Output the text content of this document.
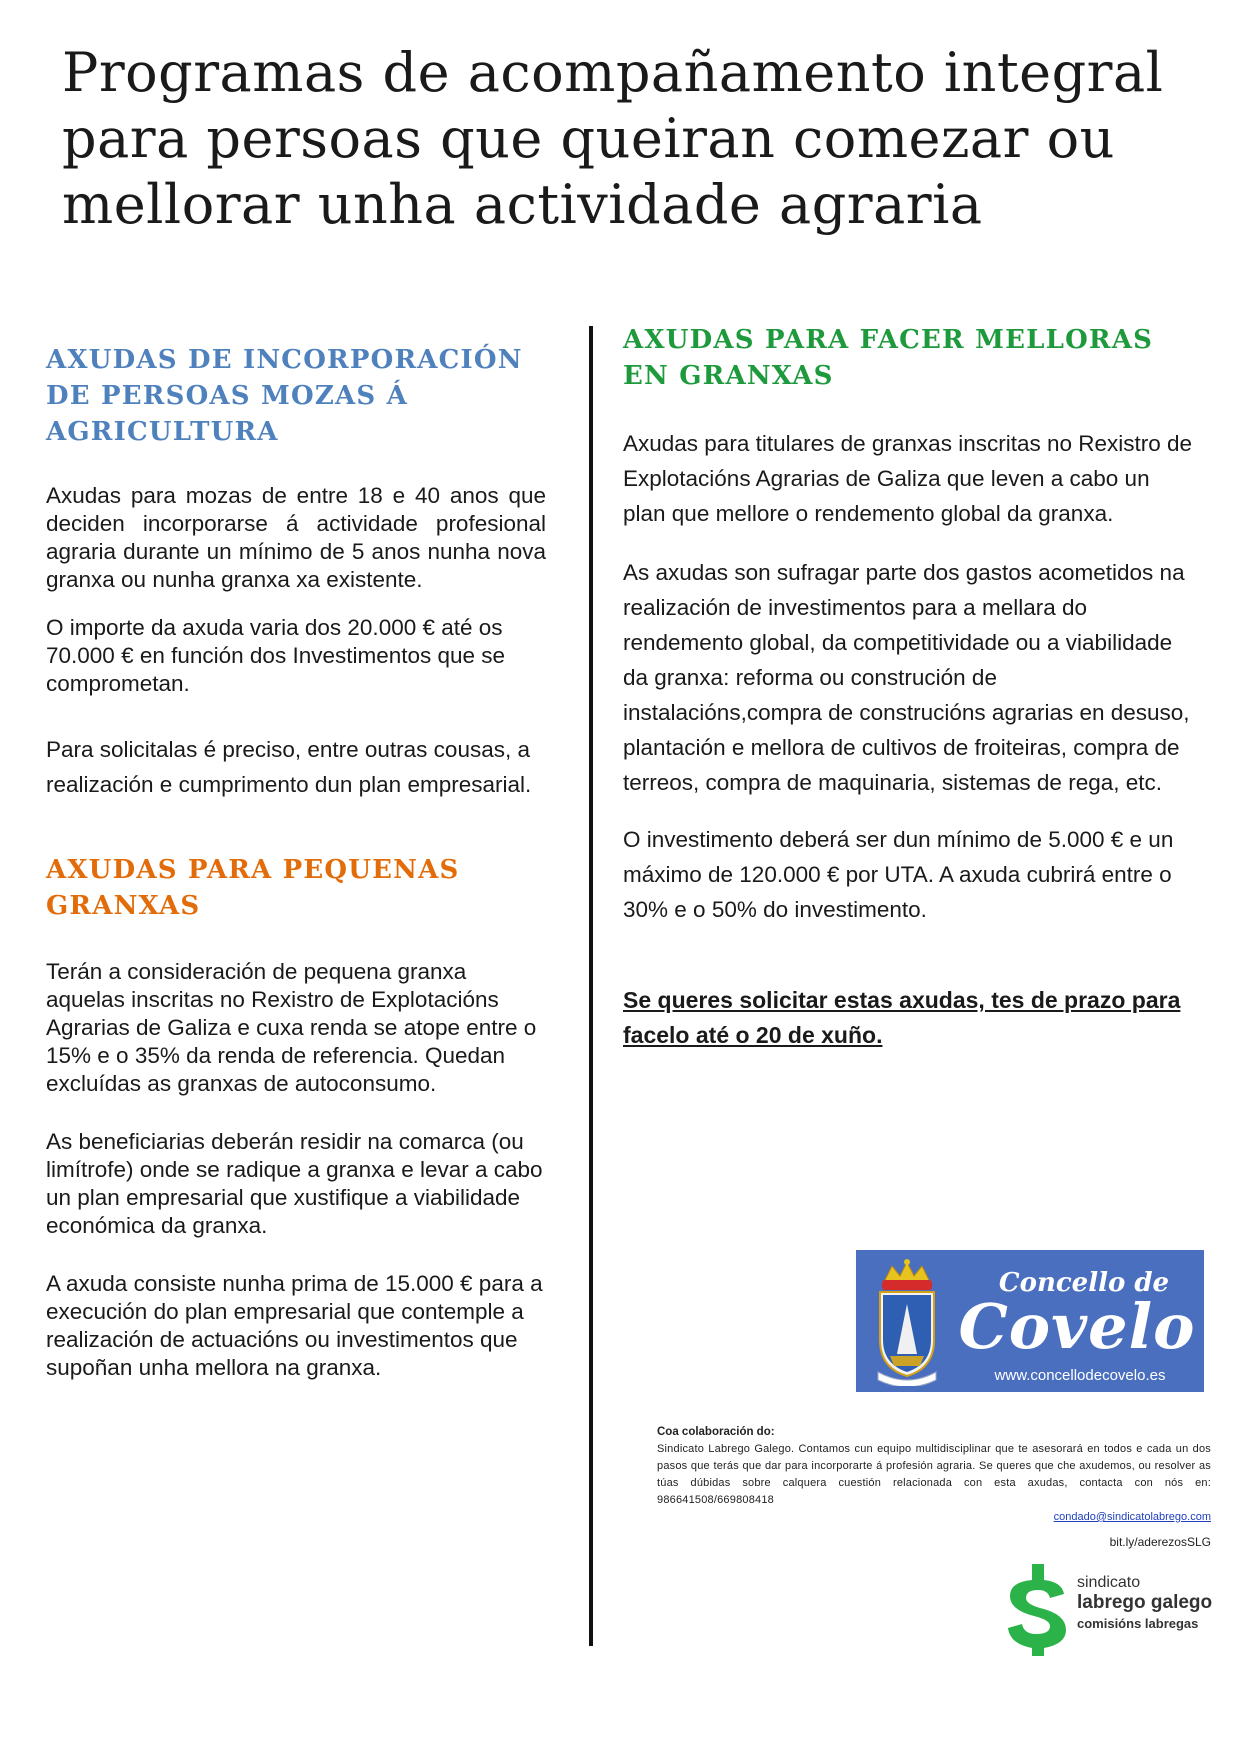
Programas de acompañamento integral para persoas que queiran comezar ou mellorar unha actividade agraria
AXUDAS DE INCORPORACIÓN DE PERSOAS MOZAS Á AGRICULTURA

Axudas para mozas de entre 18 e 40 anos que deciden incorporarse á actividade profesional agraria durante un mínimo de 5 anos nunha nova granxa ou nunha granxa xa existente.

O importe da axuda varia dos 20.000 € até os 70.000 € en función dos Investimentos que se comprometan.

Para solicitalas é preciso, entre outras cousas, a realización e cumprimento dun plan empresarial.

AXUDAS PARA PEQUENAS GRANXAS

Terán a consideración de pequena granxa aquelas inscritas no Rexistro de Explotacións Agrarias de Galiza e cuxa renda se atope entre o 15% e o 35% da renda de referencia. Quedan excluídas as granxas de autoconsumo.

As beneficiarias deberán residir na comarca (ou limítrofe) onde se radique a granxa e levar a cabo un plan empresarial que xustifique a viabilidade económica da granxa.

A axuda consiste nunha prima de 15.000 € para a execución do plan empresarial que contemple a realización de actuacións ou investimentos que supoñan unha mellora na granxa.

AXUDAS PARA FACER MELLORAS EN GRANXAS

Axudas para titulares de granxas inscritas no Rexistro de Explotacións Agrarias de Galiza que leven a cabo un plan que mellore o rendemento global da granxa.

As axudas son sufragar parte dos gastos acometidos na realización de investimentos para a mellara do rendemento global, da competitividade ou a viabilidade da granxa: reforma ou construción de instalacións,compra de construcións agrarias en desuso, plantación e mellora de cultivos de froiteiras, compra de terreos, compra de maquinaria, sistemas de rega, etc.

O investimento deberá ser dun mínimo de 5.000 € e un máximo de 120.000 € por UTA. A axuda cubrirá entre o 30% e o 50% do investimento.

Se queres solicitar estas axudas, tes de prazo para facelo até o 20 de xuño.

Concello de
Covelo
www.concellodecovelo.es
Coa colaboración do:
Sindicato Labrego Galego. Contamos cun equipo multidisciplinar que te asesorará en todos e cada un dos pasos que terás que dar para incorporarte á profesión agraria. Se queres que che axudemos, ou resolver as túas dúbidas sobre calquera cuestión relacionada con esta axudas, contacta con nós en: 986641508/669808418
condado@sindicatolabrego.com
bit.ly/aderezosSLG
sindicato
labrego galego
comisións labregas
